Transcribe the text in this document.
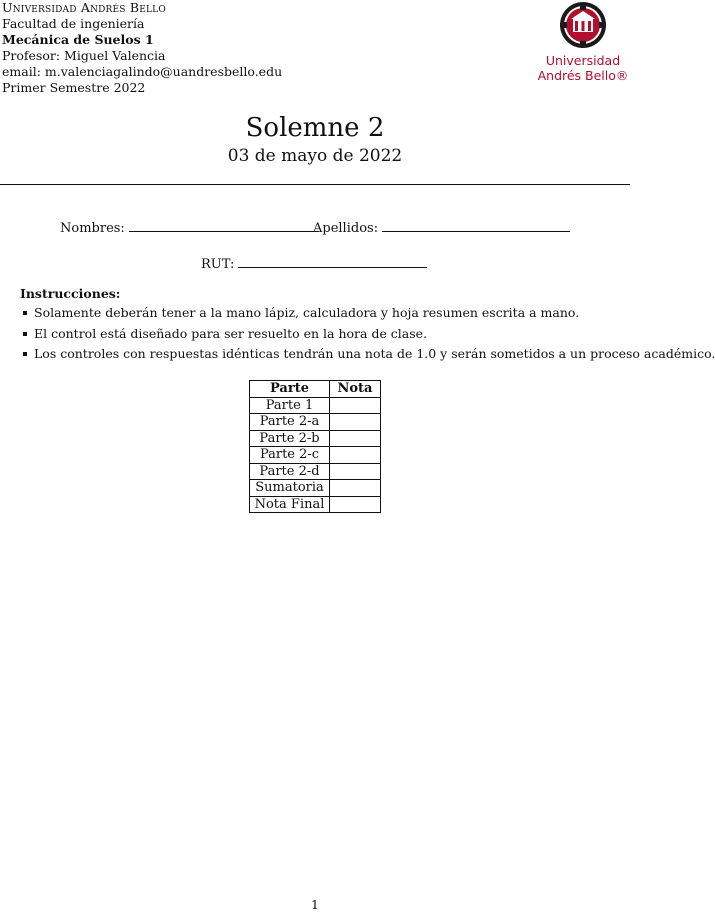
Universidad Andrés Bello
Facultad de ingeniería
Mecánica de Suelos 1
Profesor: Miguel Valencia
email: m.valenciagalindo@uandresbello.edu
Primer Semestre 2022
Universidad
Andrés Bello®
Solemne 2
03 de mayo de 2022
Nombres:	Apellidos:
RUT:
Instrucciones:
Solamente deberán tener a la mano lápiz, calculadora y hoja resumen escrita a mano.
El control está diseñado para ser resuelto en la hora de clase.
Los controles con respuestas idénticas tendrán una nota de 1.0 y serán sometidos a un proceso académico.
Parte	Nota
Parte 1	
Parte 2-a	
Parte 2-b	
Parte 2-c	
Parte 2-d	
Sumatoria	
Nota Final	
1
